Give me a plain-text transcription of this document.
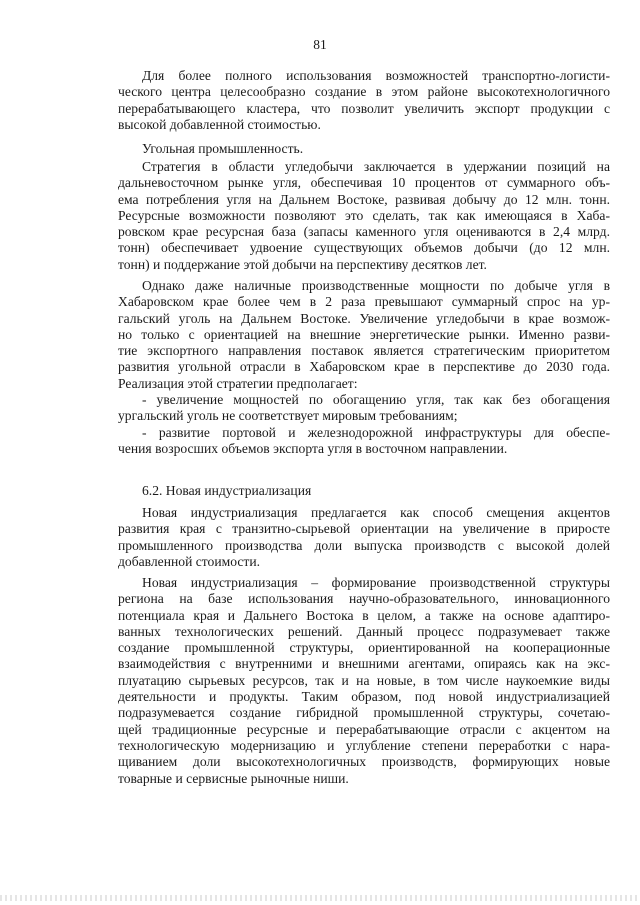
81
Для более полного использования возможностей транспортно-логисти-
ческого центра целесообразно создание в этом районе высокотехнологичного
перерабатывающего кластера, что позволит увеличить экспорт продукции с
высокой добавленной стоимостью.
Угольная промышленность.
Стратегия в области угледобычи заключается в удержании позиций на
дальневосточном рынке угля, обеспечивая 10 процентов от суммарного объ-
ема потребления угля на Дальнем Востоке, развивая добычу до 12 млн. тонн.
Ресурсные возможности позволяют это сделать, так как имеющаяся в Хаба-
ровском крае ресурсная база (запасы каменного угля оцениваются в 2,4 млрд.
тонн) обеспечивает удвоение существующих объемов добычи (до 12 млн.
тонн) и поддержание этой добычи на перспективу десятков лет.
Однако даже наличные производственные мощности по добыче угля в
Хабаровском крае более чем в 2 раза превышают суммарный спрос на ур-
гальский уголь на Дальнем Востоке. Увеличение угледобычи в крае возмож-
но только с ориентацией на внешние энергетические рынки. Именно разви-
тие экспортного направления поставок является стратегическим приоритетом
развития угольной отрасли в Хабаровском крае в перспективе до 2030 года.
Реализация этой стратегии предполагает:
- увеличение мощностей по обогащению угля, так как без обогащения
ургальский уголь не соответствует мировым требованиям;
- развитие портовой и железнодорожной инфраструктуры для обеспе-
чения возросших объемов экспорта угля в восточном направлении.
6.2. Новая индустриализация
Новая индустриализация предлагается как способ смещения акцентов
развития края с транзитно-сырьевой ориентации на увеличение в приросте
промышленного производства доли выпуска производств с высокой долей
добавленной стоимости.
Новая индустриализация – формирование производственной структуры
региона на базе использования научно-образовательного, инновационного
потенциала края и Дальнего Востока в целом, а также на основе адаптиро-
ванных технологических решений. Данный процесс подразумевает также
создание промышленной структуры, ориентированной на кооперационные
взаимодействия с внутренними и внешними агентами, опираясь как на экс-
плуатацию сырьевых ресурсов, так и на новые, в том числе наукоемкие виды
деятельности и продукты. Таким образом, под новой индустриализацией
подразумевается создание гибридной промышленной структуры, сочетаю-
щей традиционные ресурсные и перерабатывающие отрасли с акцентом на
технологическую модернизацию и углубление степени переработки с нара-
щиванием доли высокотехнологичных производств, формирующих новые
товарные и сервисные рыночные ниши.
